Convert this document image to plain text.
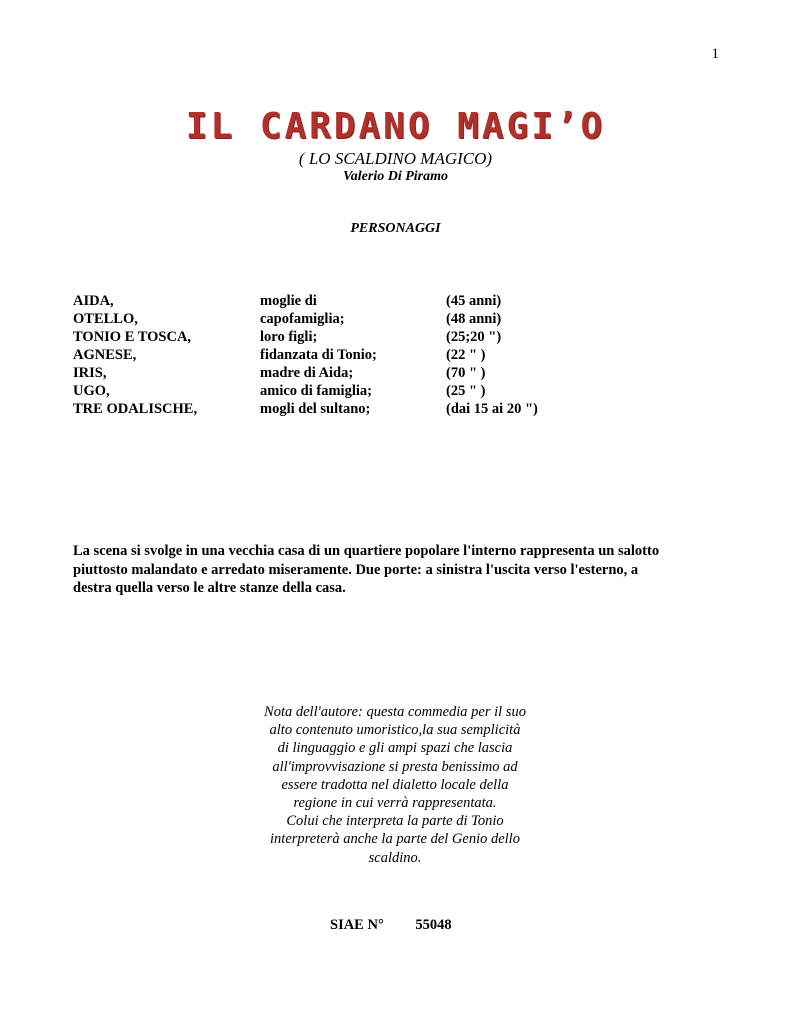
1
IL CARDANO MAGI’O
( LO SCALDINO MAGICO)
Valerio Di Piramo
PERSONAGGI
AIDA,	moglie di	(45 anni)
OTELLO,	capofamiglia;	(48 anni)
TONIO E TOSCA,	loro figli;	(25;20 ")
AGNESE,	fidanzata di Tonio;	(22 " )
IRIS,	madre di Aida;	(70 " )
UGO,	amico di famiglia;	(25 " )
TRE ODALISCHE,	mogli del sultano;	(dai 15 ai 20 ")
La scena si svolge in una vecchia casa di un quartiere popolare l'interno rappresenta un salotto
piuttosto malandato e arredato miseramente. Due porte: a sinistra l'uscita verso l'esterno, a
destra quella verso le altre stanze della casa.
Nota dell'autore: questa commedia per il suo
alto contenuto umoristico,la sua semplicità
di linguaggio e gli ampi spazi che lascia
all'improvvisazione si presta benissimo ad
essere tradotta nel dialetto locale della
regione in cui verrà rappresentata.
Colui che interpreta la parte di Tonio
interpreterà anche la parte del Genio dello
scaldino.
SIAE N° 55048
